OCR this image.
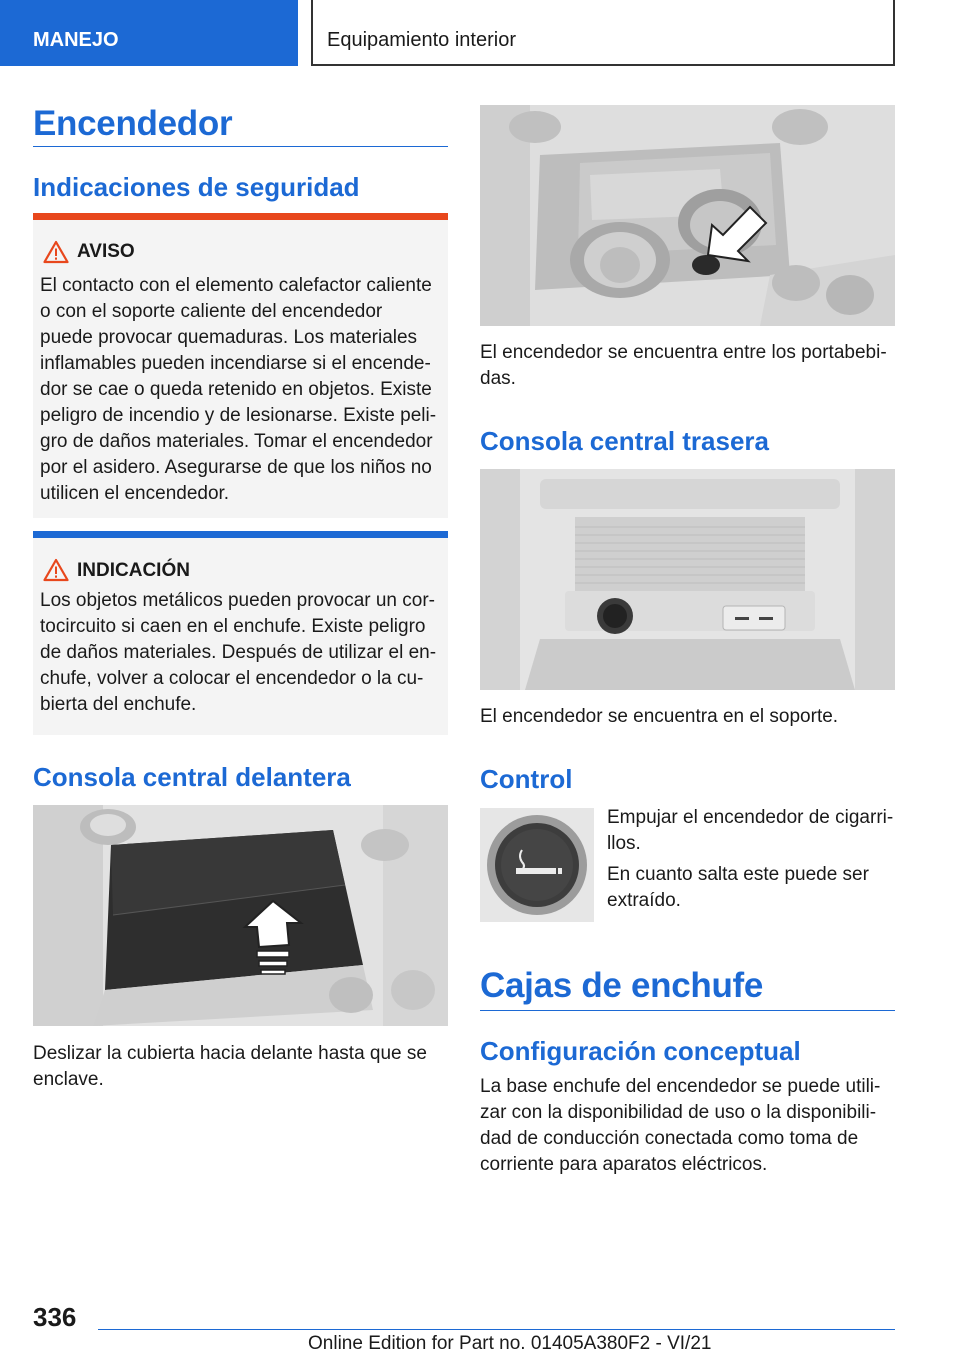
MANEJO	Equipamiento interior
Encendedor
Indicaciones de seguridad
AVISO
El contacto con el elemento calefactor caliente
o con el soporte caliente del encendedor
puede provocar quemaduras. Los materiales
inflamables pueden incendiarse si el encende-
dor se cae o queda retenido en objetos. Existe
peligro de incendio y de lesionarse. Existe peli-
gro de daños materiales. Tomar el encendedor
por el asidero. Asegurarse de que los niños no
utilicen el encendedor.
INDICACIÓN
Los objetos metálicos pueden provocar un cor-
tocircuito si caen en el enchufe. Existe peligro
de daños materiales. Después de utilizar el en-
chufe, volver a colocar el encendedor o la cu-
bierta del enchufe.
Consola central delantera
Deslizar la cubierta hacia delante hasta que se
enclave.
El encendedor se encuentra entre los portabebi-
das.
Consola central trasera
El encendedor se encuentra en el soporte.
Control
Empujar el encendedor de cigarri-
llos.
En cuanto salta este puede ser
extraído.
Cajas de enchufe
Configuración conceptual
La base enchufe del encendedor se puede utili-
zar con la disponibilidad de uso o la disponibili-
dad de conducción conectada como toma de
corriente para aparatos eléctricos.
336
Online Edition for Part no. 01405A380F2 - VI/21
